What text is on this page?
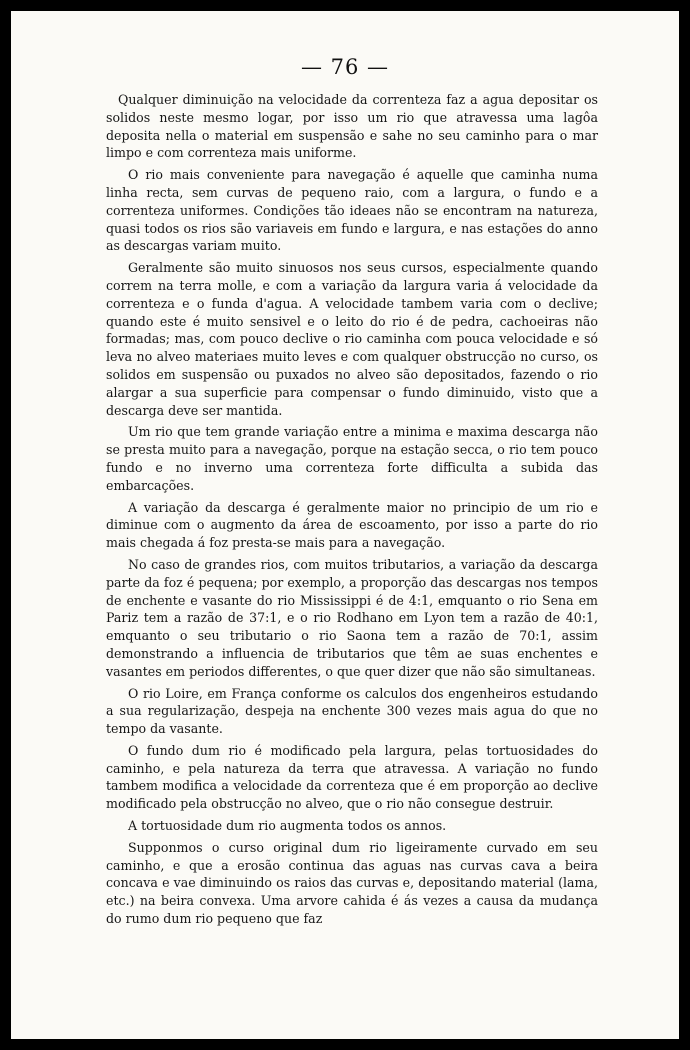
— 76 —

Qualquer diminuição na velocidade da correnteza faz a agua depositar os solidos neste mesmo logar, por isso um rio que atravessa uma lagôa deposita nella o material em suspensão e sahe no seu caminho para o mar limpo e com correnteza mais uniforme.

O rio mais conveniente para navegação é aquelle que caminha numa linha recta, sem curvas de pequeno raio, com a largura, o fundo e a correnteza uniformes. Condições tão ideaes não se encontram na natureza, quasi todos os rios são variaveis em fundo e largura, e nas estações do anno as descargas variam muito.

Geralmente são muito sinuosos nos seus cursos, especialmente quando correm na terra molle, e com a variação da largura varia á velocidade da correnteza e o funda d'agua. A velocidade tambem varia com o declive; quando este é muito sensivel e o leito do rio é de pedra, cachoeiras não formadas; mas, com pouco declive o rio caminha com pouca velocidade e só leva no alveo materiaes muito leves e com qualquer obstrucção no curso, os solidos em suspensão ou puxados no alveo são depositados, fazendo o rio alargar a sua superficie para compensar o fundo diminuido, visto que a descarga deve ser mantida.

Um rio que tem grande variação entre a minima e maxima descarga não se presta muito para a navegação, porque na estação secca, o rio tem pouco fundo e no inverno uma correnteza forte difficulta a subida das embarcações.

A variação da descarga é geralmente maior no principio de um rio e diminue com o augmento da área de escoamento, por isso a parte do rio mais chegada á foz presta-se mais para a navegação.

No caso de grandes rios, com muitos tributarios, a variação da descarga parte da foz é pequena; por exemplo, a proporção das descargas nos tempos de enchente e vasante do rio Mississippi é de 4:1, emquanto o rio Sena em Pariz tem a razão de 37:1, e o rio Rodhano em Lyon tem a razão de 40:1, emquanto o seu tributario o rio Saona tem a razão de 70:1, assim demonstrando a influencia de tributarios que têm ae suas enchentes e vasantes em periodos differentes, o que quer dizer que não são simultaneas.

O rio Loire, em França conforme os calculos dos engenheiros estudando a sua regularização, despeja na enchente 300 vezes mais agua do que no tempo da vasante.

O fundo dum rio é modificado pela largura, pelas tortuosidades do caminho, e pela natureza da terra que atravessa. A variação no fundo tambem modifica a velocidade da correnteza que é em proporção ao declive modificado pela obstrucção no alveo, que o rio não consegue destruir.

A tortuosidade dum rio augmenta todos os annos.

Supponmos o curso original dum rio ligeiramente curvado em seu caminho, e que a erosão continua das aguas nas curvas cava a beira concava e vae diminuindo os raios das curvas e, depositando material (lama, etc.) na beira convexa. Uma arvore cahida é ás vezes a causa da mudança do rumo dum rio pequeno que faz
